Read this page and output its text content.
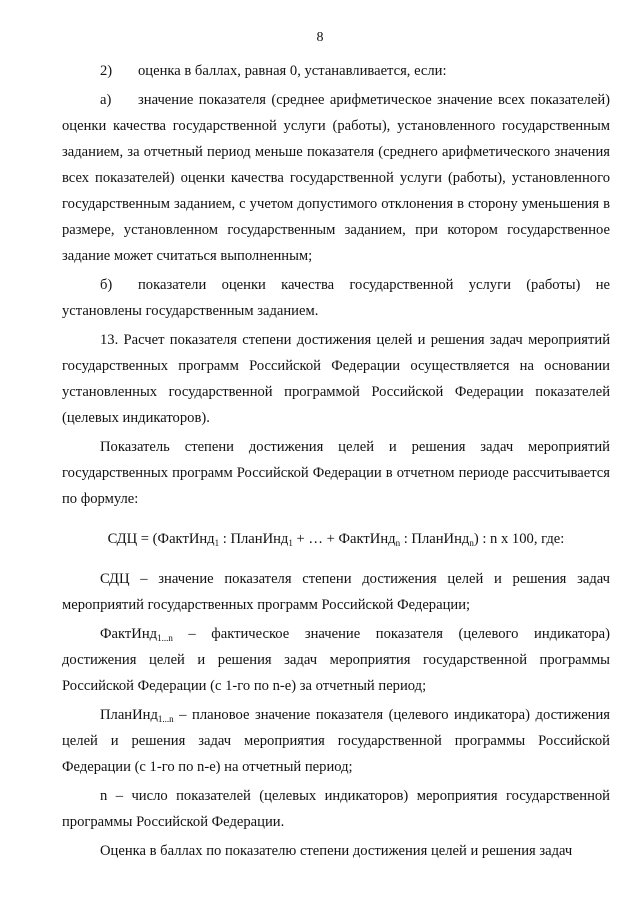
8

2) оценка в баллах, равная 0, устанавливается, если:

а) значение показателя (среднее арифметическое значение всех показателей) оценки качества государственной услуги (работы), установленного государственным заданием, за отчетный период меньше показателя (среднего арифметического значения всех показателей) оценки качества государственной услуги (работы), установленного государственным заданием, с учетом допустимого отклонения в сторону уменьшения в размере, установленном государственным заданием, при котором государственное задание может считаться выполненным;

б) показатели оценки качества государственной услуги (работы) не установлены государственным заданием.

13. Расчет показателя степени достижения целей и решения задач мероприятий государственных программ Российской Федерации осуществляется на основании установленных государственной программой Российской Федерации показателей (целевых индикаторов).

Показатель степени достижения целей и решения задач мероприятий государственных программ Российской Федерации в отчетном периоде рассчитывается по формуле:

СДЦ = (ФактИнд$_1$ : ПланИнд$_1$ + … + ФактИнд$_n$ : ПланИнд$_n$) : n x 100, где:

СДЦ – значение показателя степени достижения целей и решения задач мероприятий государственных программ Российской Федерации;

ФактИнд$_{1...n}$ – фактическое значение показателя (целевого индикатора) достижения целей и решения задач мероприятия государственной программы Российской Федерации (с 1-го по n-е) за отчетный период;

ПланИнд$_{1...n}$ – плановое значение показателя (целевого индикатора) достижения целей и решения задач мероприятия государственной программы Российской Федерации (с 1-го по n-е) на отчетный период;

n – число показателей (целевых индикаторов) мероприятия государственной программы Российской Федерации.

Оценка в баллах по показателю степени достижения целей и решения задач
